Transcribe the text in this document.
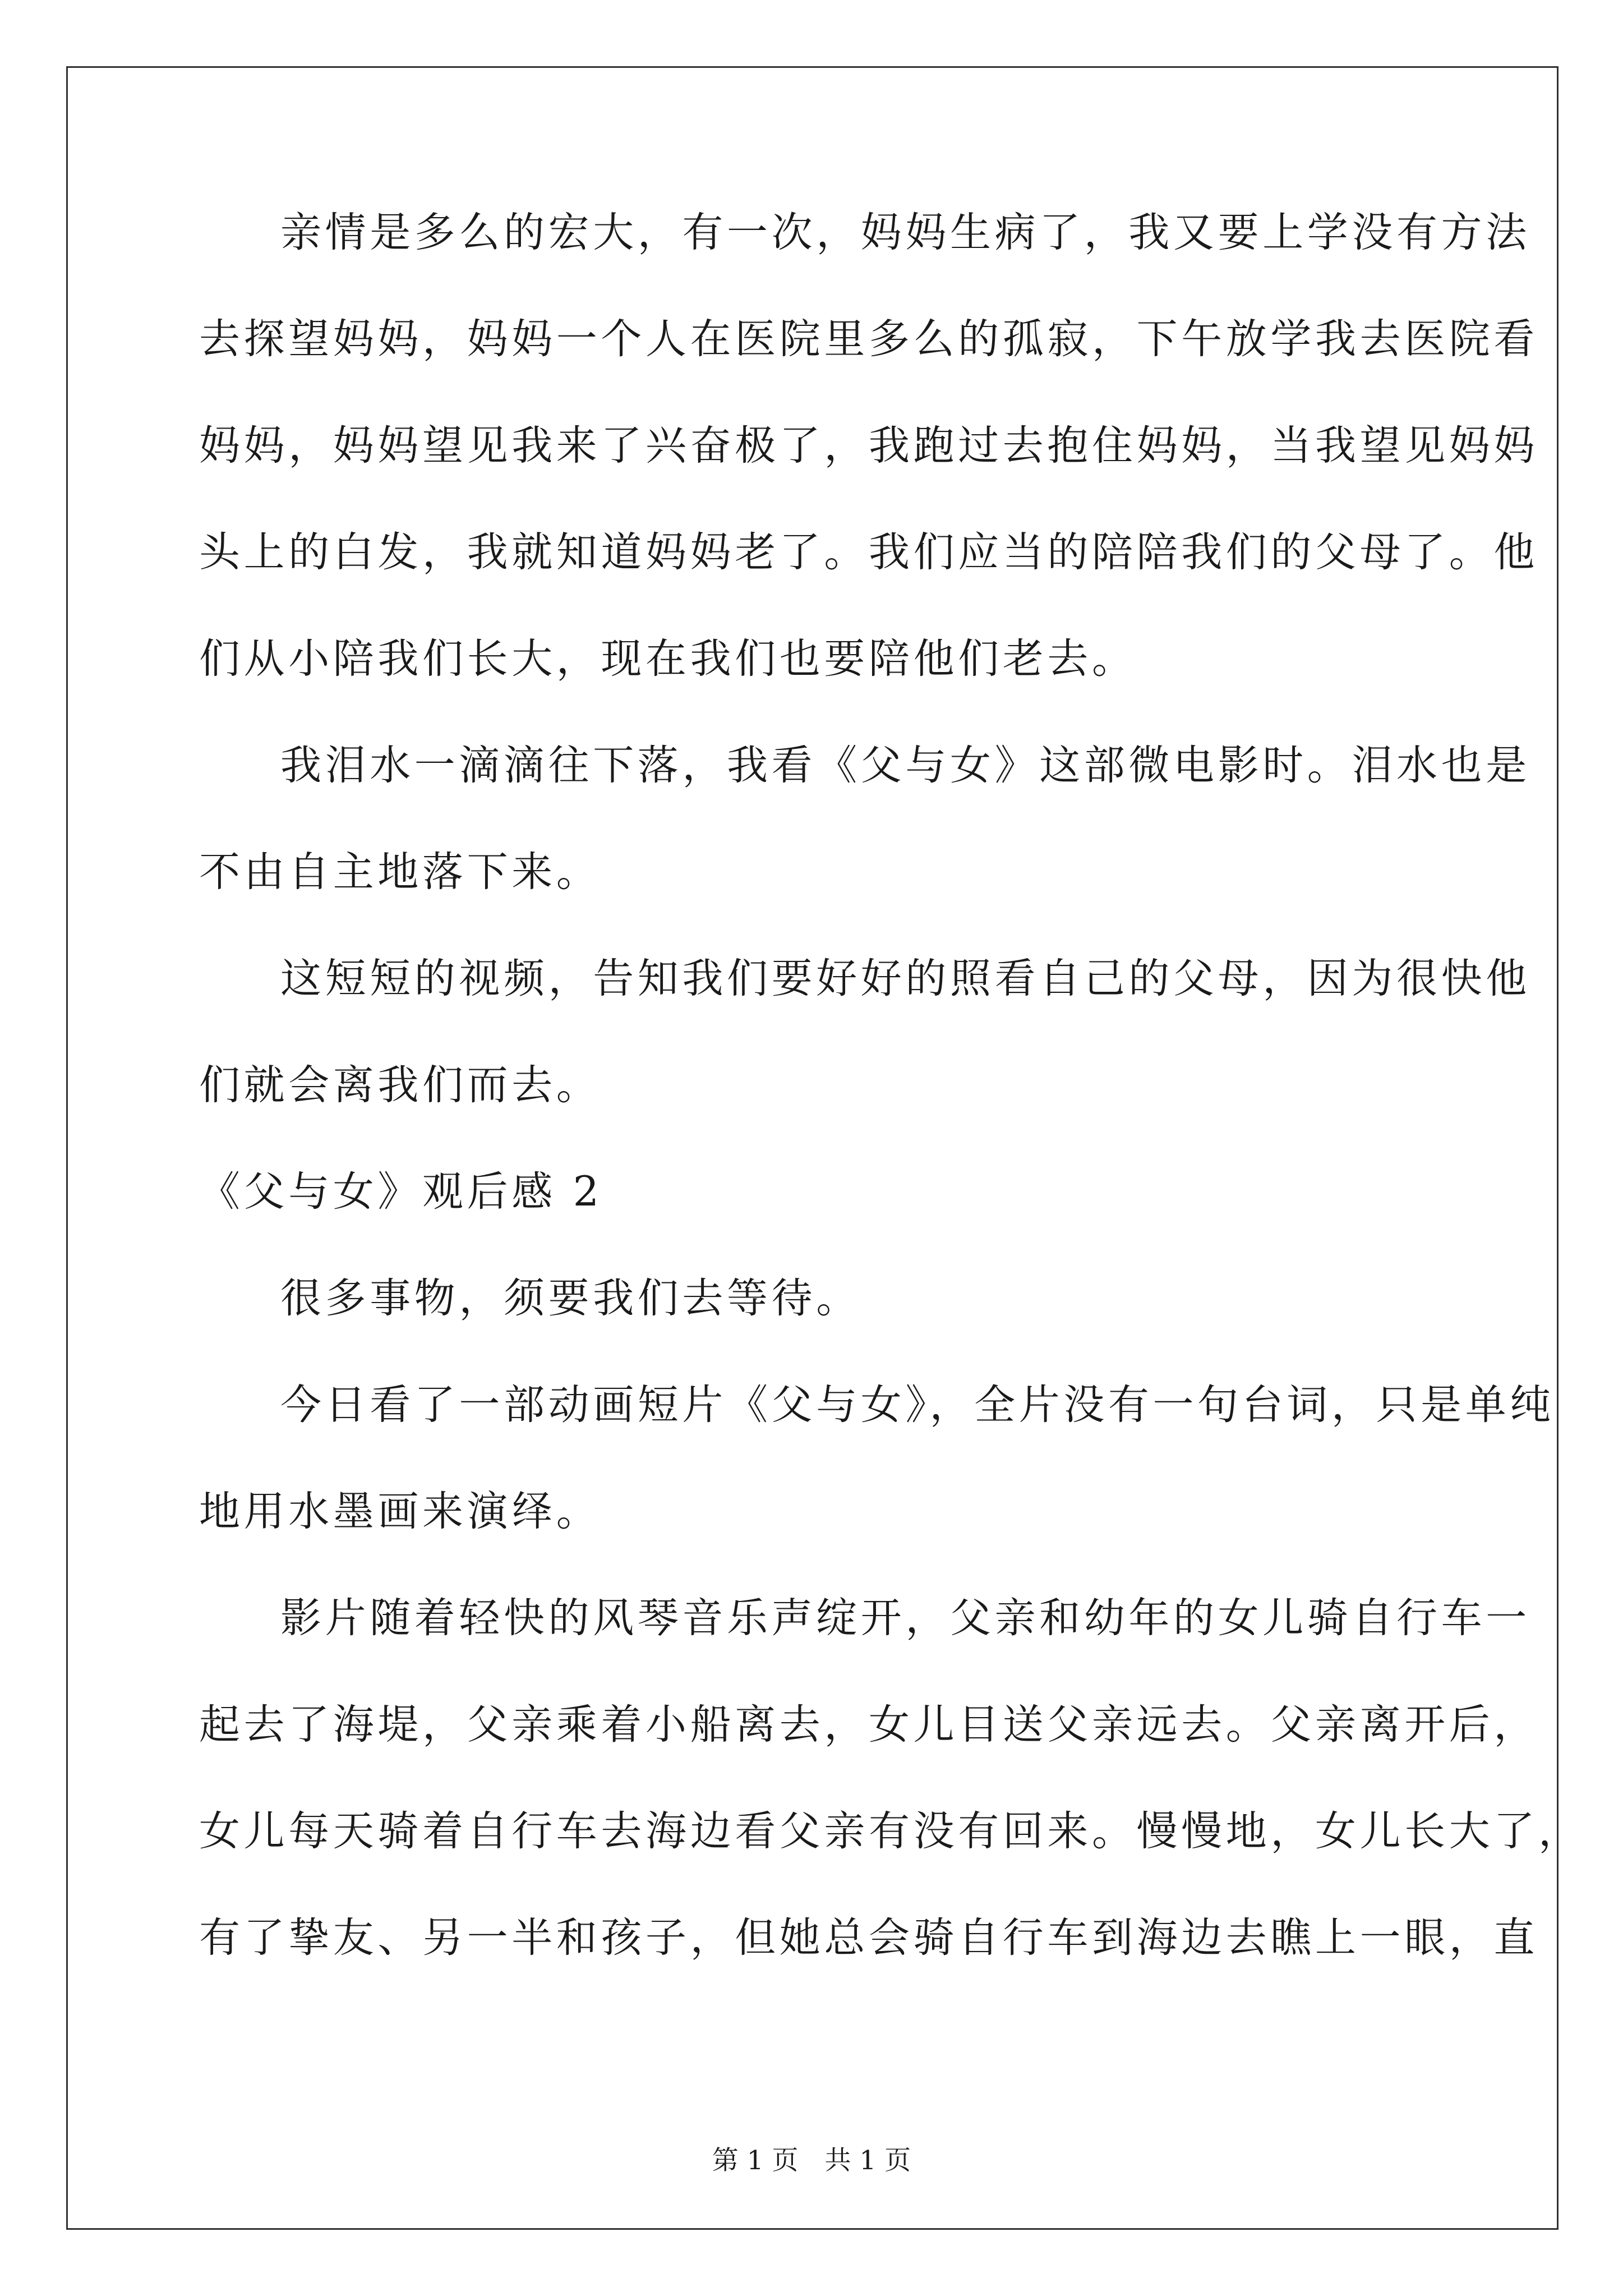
亲情是多么的宏大，有一次，妈妈生病了，我又要上学没有方法
去探望妈妈，妈妈一个人在医院里多么的孤寂，下午放学我去医院看
妈妈，妈妈望见我来了兴奋极了，我跑过去抱住妈妈，当我望见妈妈
头上的白发，我就知道妈妈老了。我们应当的陪陪我们的父母了。他
们从小陪我们长大，现在我们也要陪他们老去。
我泪水一滴滴往下落，我看《父与女》这部微电影时。泪水也是
不由自主地落下来。
这短短的视频，告知我们要好好的照看自己的父母，因为很快他
们就会离我们而去。
《父与女》观后感 2
很多事物，须要我们去等待。
今日看了一部动画短片《父与女》，全片没有一句台词，只是单纯
地用水墨画来演绎。
影片随着轻快的风琴音乐声绽开，父亲和幼年的女儿骑自行车一
起去了海堤，父亲乘着小船离去，女儿目送父亲远去。父亲离开后，
女儿每天骑着自行车去海边看父亲有没有回来。慢慢地，女儿长大了，
有了挚友、另一半和孩子，但她总会骑自行车到海边去瞧上一眼，直
第 1 页　共 1 页
